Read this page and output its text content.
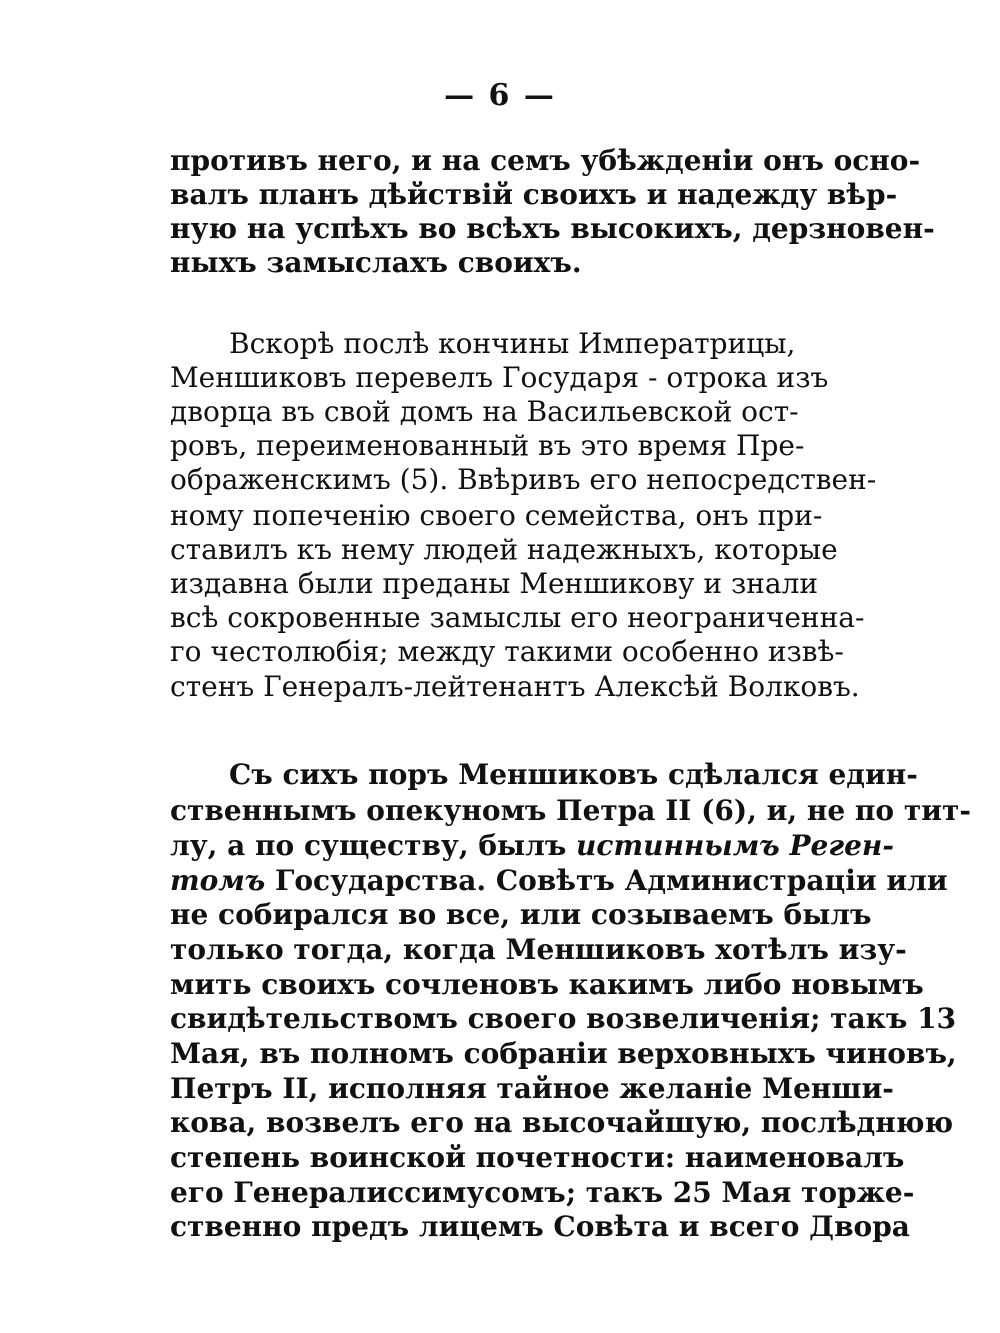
— 6 —
противъ него, и на семъ убѣжденiи онъ осно-
валъ планъ дѣйствiй своихъ и надежду вѣр-
ную на успѣхъ во всѣхъ высокихъ, дерзновен-
ныхъ замыслахъ своихъ.
Вскорѣ послѣ кончины Императрицы,
Меншиковъ перевелъ Государя - отрока изъ
дворца въ свой домъ на Васильевской ост-
ровъ, переименованный въ это время Пре-
ображенскимъ (5). Ввѣривъ его непосредствен-
ному попеченiю своего семейства, онъ при-
ставилъ къ нему людей надежныхъ, которые
издавна были преданы Меншикову и знали
всѣ сокровенные замыслы его неограниченна-
го честолюбiя; между такими особенно извѣ-
стенъ Генералъ-лейтенантъ Алексѣй Волковъ.
Съ сихъ поръ Меншиковъ сдѣлался един-
ственнымъ опекуномъ Петра II (6), и, не по тит-
лу, а по существу, былъ истиннымъ Реген-
томъ Государства. Совѣтъ Администрацiи или
не собирался во все, или созываемъ былъ
только тогда, когда Меншиковъ хотѣлъ изу-
мить своихъ сочленовъ какимъ либо новымъ
свидѣтельствомъ своего возвеличенiя; такъ 13
Мая, въ полномъ собранiи верховныхъ чиновъ,
Петръ II, исполняя тайное желанiе Менши-
кова, возвелъ его на высочайшую, послѣднюю
степень воинской почетности: наименовалъ
его Генералиссимусомъ; такъ 25 Мая торже-
ственно предъ лицемъ Совѣта и всего Двора
